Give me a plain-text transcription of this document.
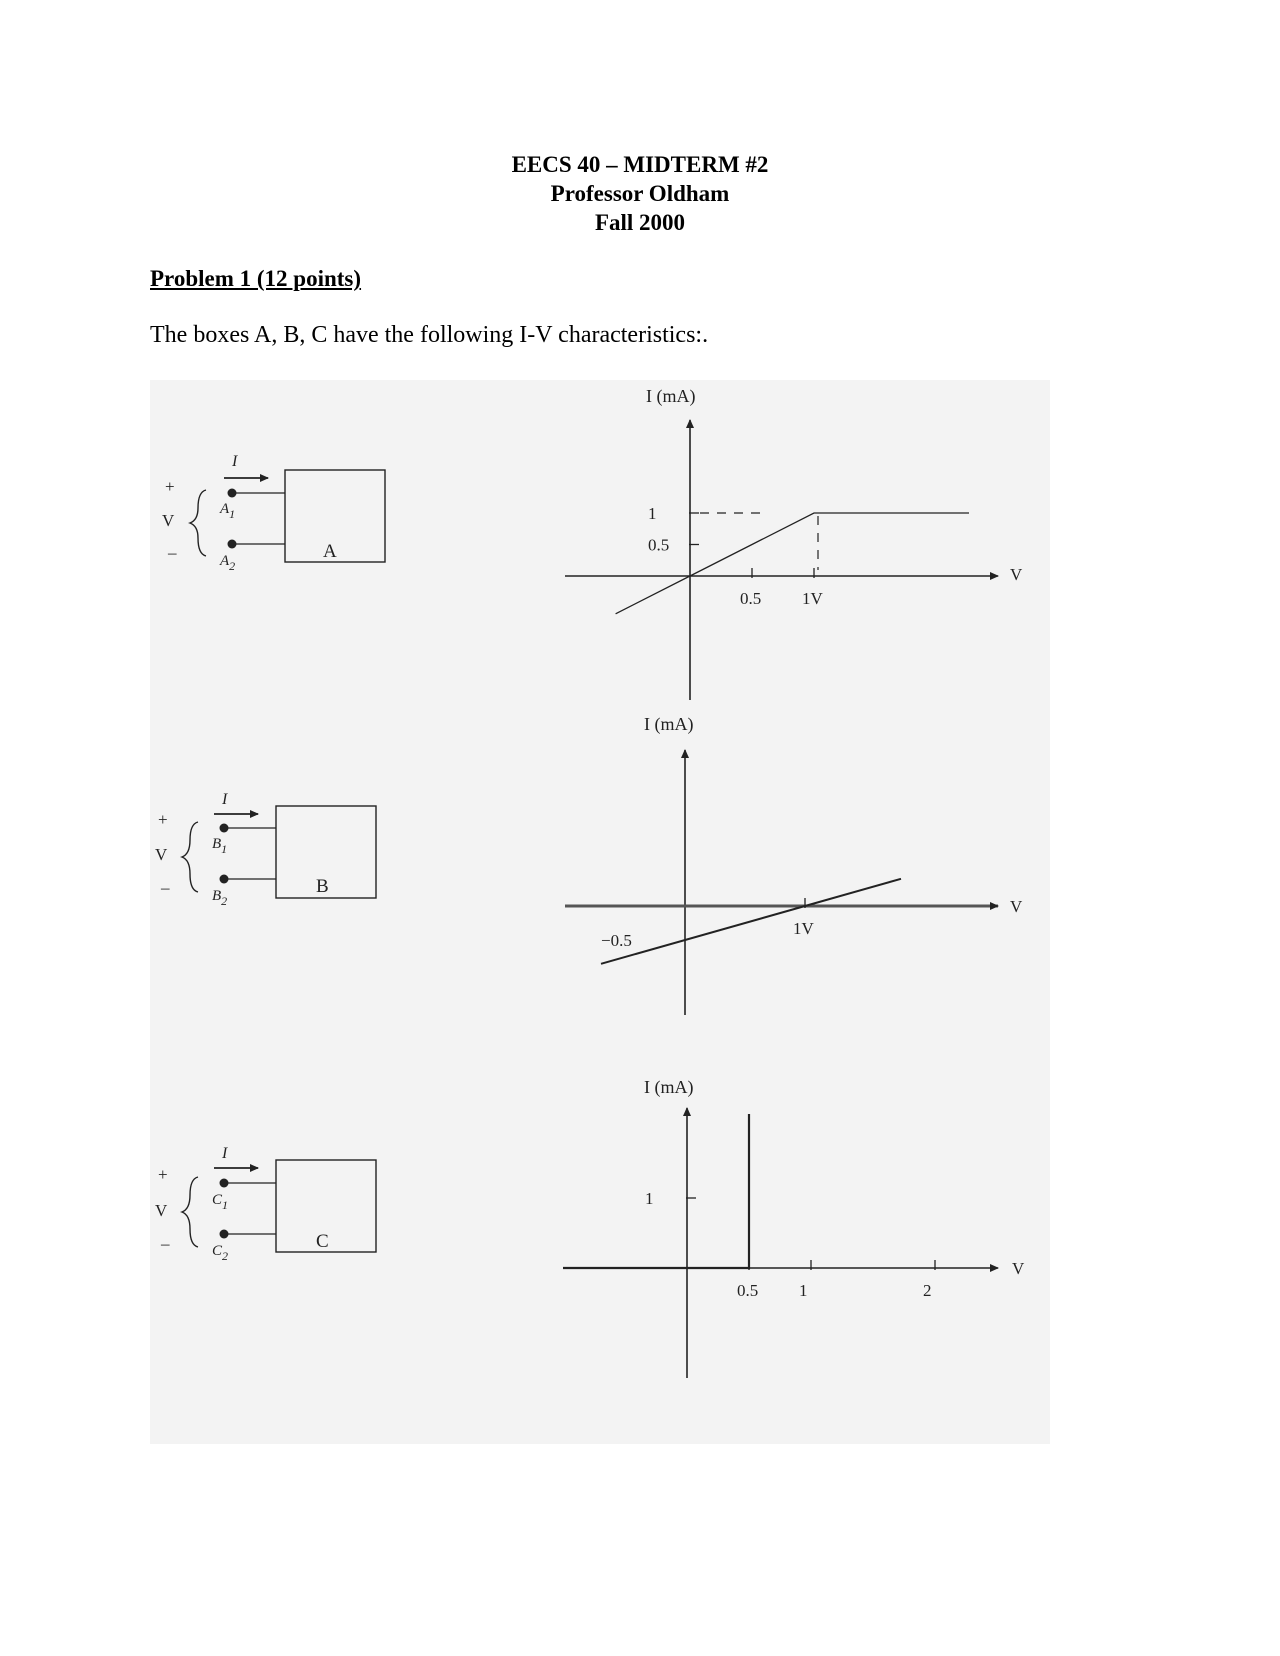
EECS 40 – MIDTERM #2
Professor Oldham
Fall 2000
Problem 1 (12 points)
The boxes A, B, C have the following I-V characteristics:.
+
V
–
I
$A_1$
$A_2$
A
+
V
–
I
$B_1$
$B_2$
B
+
V
–
I
$C_1$
$C_2$
C
I (mA)
V
1
0.5
0.5 1V
I (mA)
V
−0.5
1V
I (mA)
V
1
0.5 1	2
